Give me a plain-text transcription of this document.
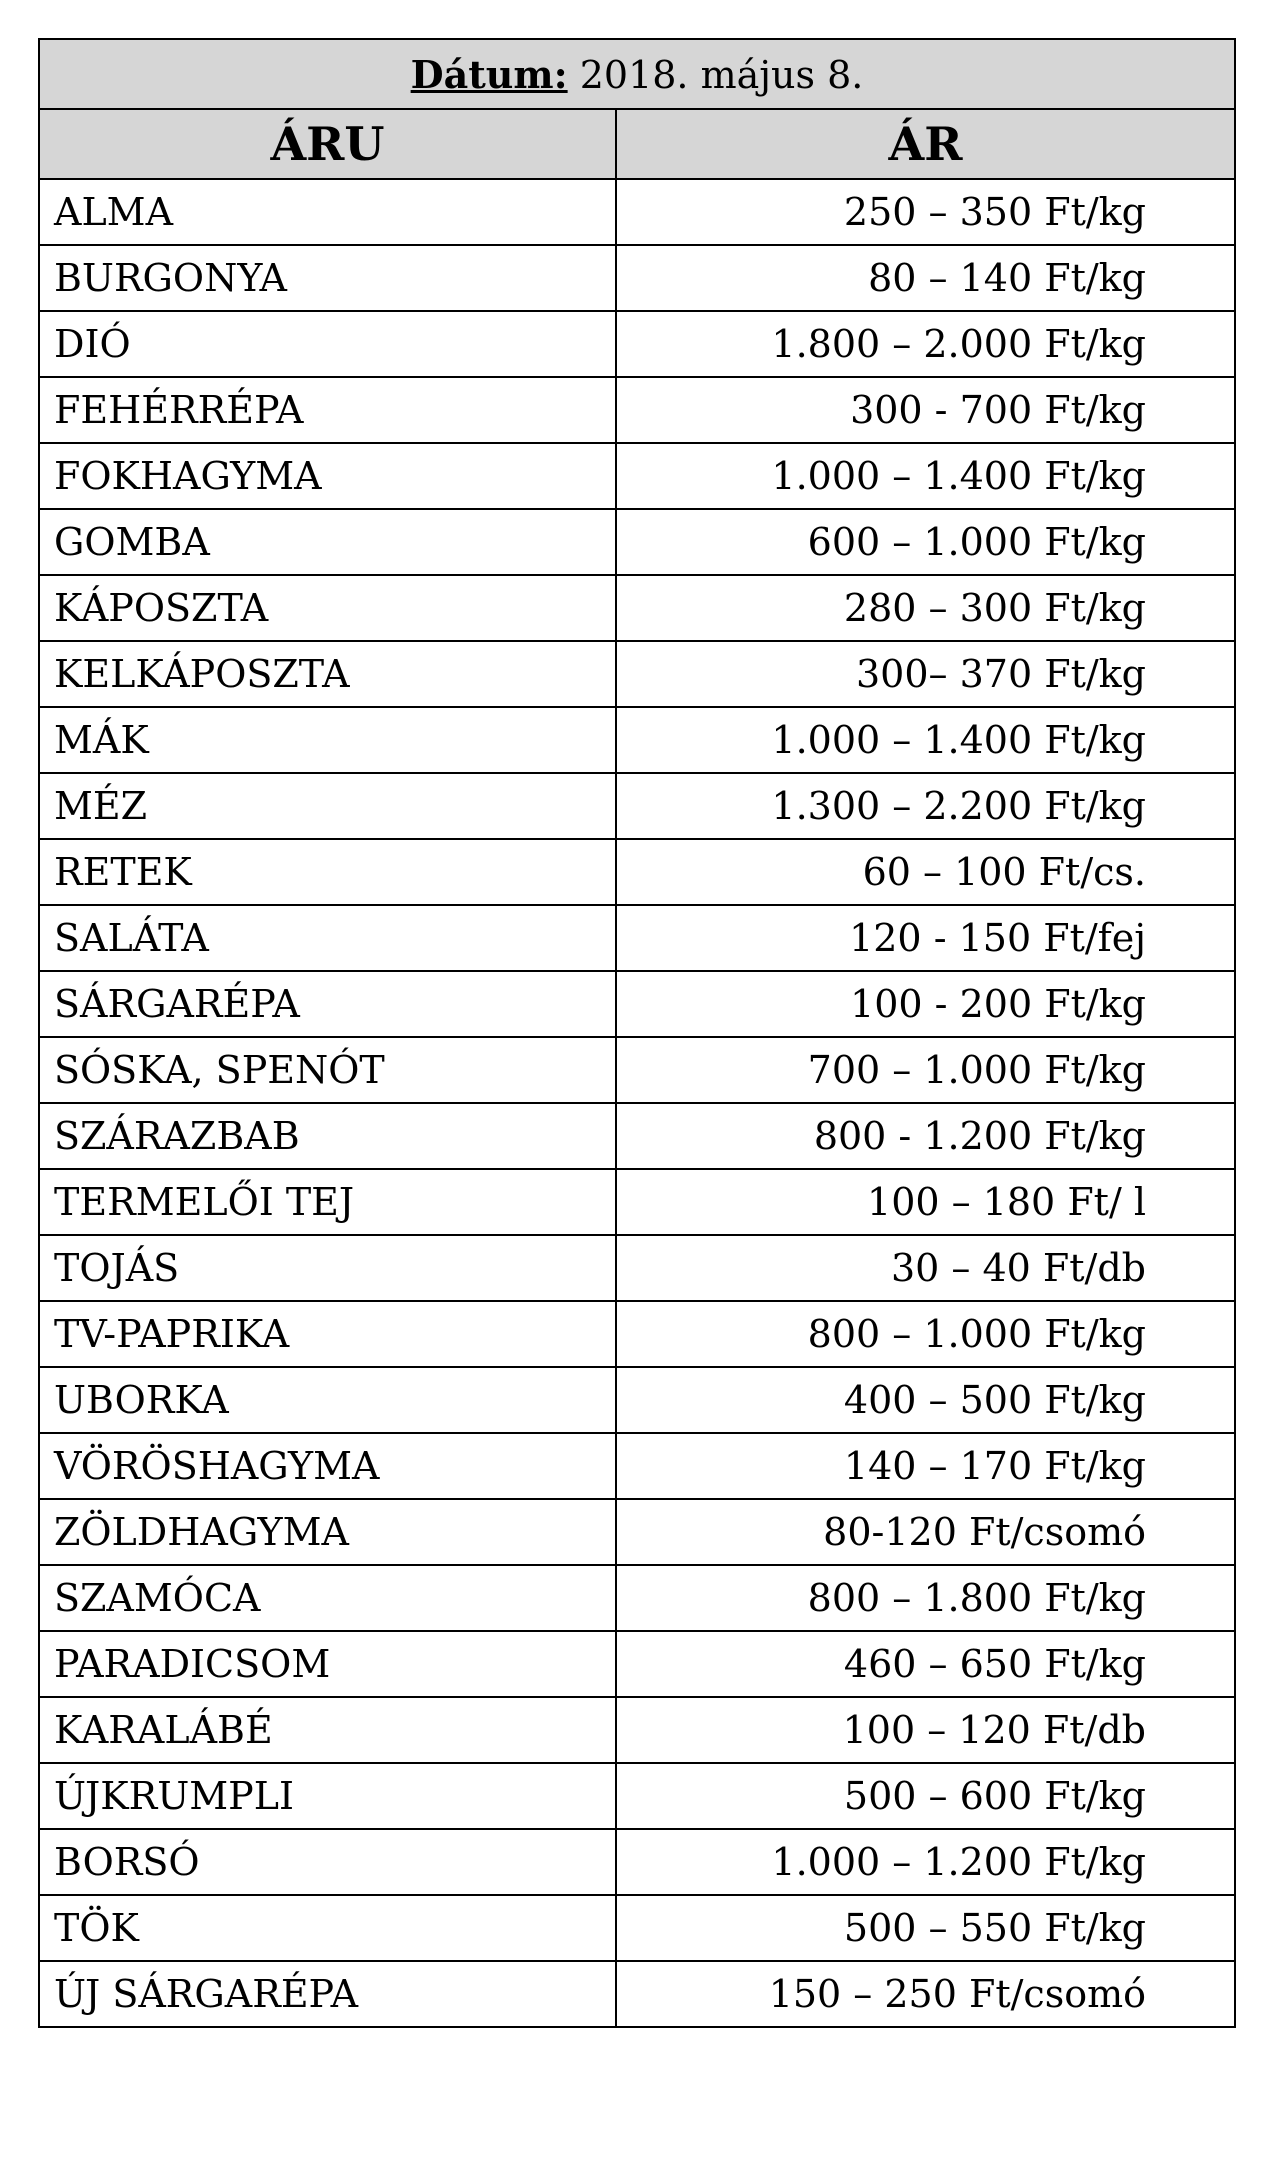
Dátum: 2018. május 8.	
ÁRU	ÁR
ALMA	250 – 350 Ft/kg
BURGONYA	80 – 140 Ft/kg
DIÓ	1.800 – 2.000 Ft/kg
FEHÉRRÉPA	300 - 700 Ft/kg
FOKHAGYMA	1.000 – 1.400 Ft/kg
GOMBA	600 – 1.000 Ft/kg
KÁPOSZTA	280 – 300 Ft/kg
KELKÁPOSZTA	300– 370 Ft/kg
MÁK	1.000 – 1.400 Ft/kg
MÉZ	1.300 – 2.200 Ft/kg
RETEK	60 – 100 Ft/cs.
SALÁTA	120 - 150 Ft/fej
SÁRGARÉPA	100 - 200 Ft/kg
SÓSKA, SPENÓT	700 – 1.000 Ft/kg
SZÁRAZBAB	800 - 1.200 Ft/kg
TERMELŐI TEJ	100 – 180 Ft/ l
TOJÁS	30 – 40 Ft/db
TV-PAPRIKA	800 – 1.000 Ft/kg
UBORKA	400 – 500 Ft/kg
VÖRÖSHAGYMA	140 – 170 Ft/kg
ZÖLDHAGYMA	80-120 Ft/csomó
SZAMÓCA	800 – 1.800 Ft/kg
PARADICSOM	460 – 650 Ft/kg
KARALÁBÉ	100 – 120 Ft/db
ÚJKRUMPLI	500 – 600 Ft/kg
BORSÓ	1.000 – 1.200 Ft/kg
TÖK	500 – 550 Ft/kg
ÚJ SÁRGARÉPA	150 – 250 Ft/csomó
